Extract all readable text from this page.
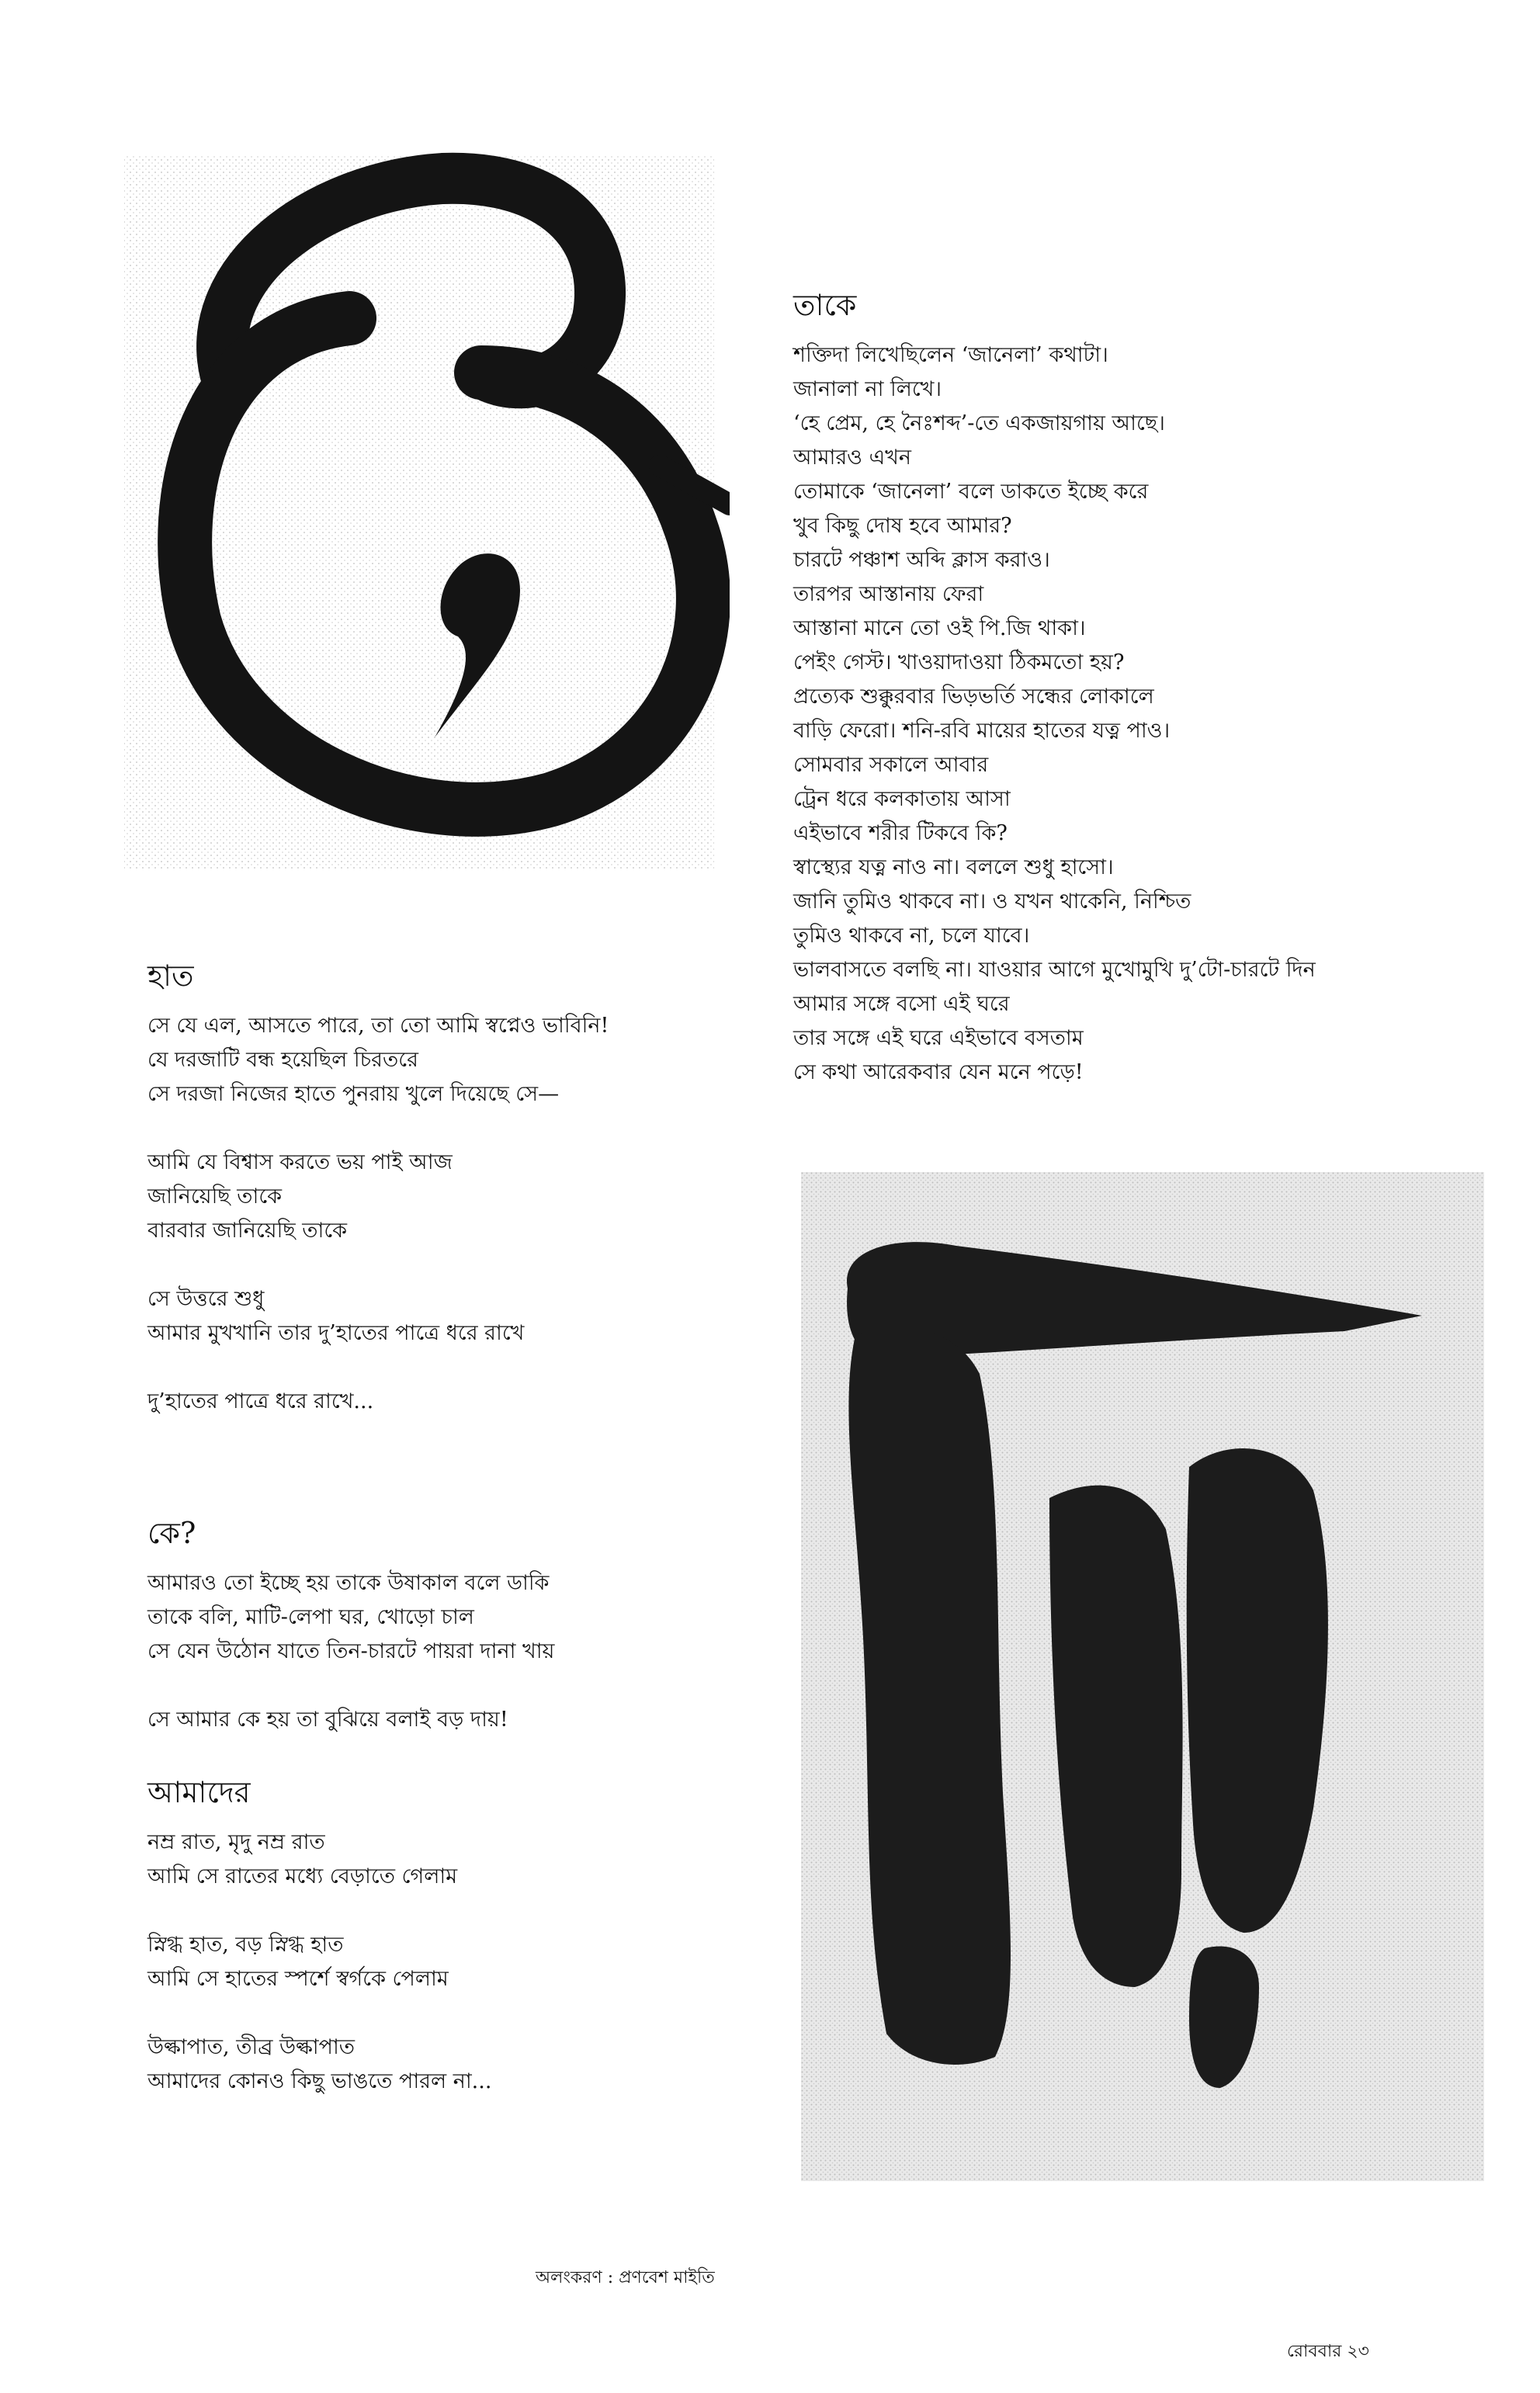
তাকে
শক্তিদা লিখেছিলেন ‘জানেলা’ কথাটা।
জানালা না লিখে।
‘হে প্রেম, হে নৈঃশব্দ’-তে একজায়গায় আছে।
আমারও এখন
তোমাকে ‘জানেলা’ বলে ডাকতে ইচ্ছে করে
খুব কিছু দোষ হবে আমার?
চারটে পঞ্চাশ অব্দি ক্লাস করাও।
তারপর আস্তানায় ফেরা
আস্তানা মানে তো ওই পি.জি থাকা।
পেইং গেস্ট। খাওয়াদাওয়া ঠিকমতো হয়?
প্রত্যেক শুক্কুরবার ভিড়ভর্তি সন্ধের লোকালে
বাড়ি ফেরো। শনি-রবি মায়ের হাতের যত্ন পাও।
সোমবার সকালে আবার
ট্রেন ধরে কলকাতায় আসা
এইভাবে শরীর টিকবে কি?
স্বাস্থ্যের যত্ন নাও না। বললে শুধু হাসো।
জানি তুমিও থাকবে না। ও যখন থাকেনি, নিশ্চিত
তুমিও থাকবে না, চলে যাবে।
ভালবাসতে বলছি না। যাওয়ার আগে মুখোমুখি দু’টো-চারটে দিন
আমার সঙ্গে বসো এই ঘরে
তার সঙ্গে এই ঘরে এইভাবে বসতাম
সে কথা আরেকবার যেন মনে পড়ে!
হাত
সে যে এল, আসতে পারে, তা তো আমি স্বপ্নেও ভাবিনি!
যে দরজাটি বন্ধ হয়েছিল চিরতরে
সে দরজা নিজের হাতে পুনরায় খুলে দিয়েছে সে—
আমি যে বিশ্বাস করতে ভয় পাই আজ
জানিয়েছি তাকে
বারবার জানিয়েছি তাকে
সে উত্তরে শুধু
আমার মুখখানি তার দু’হাতের পাত্রে ধরে রাখে
দু’হাতের পাত্রে ধরে রাখে...
কে?
আমারও তো ইচ্ছে হয় তাকে উষাকাল বলে ডাকি
তাকে বলি, মাটি-লেপা ঘর, খোড়ো চাল
সে যেন উঠোন যাতে তিন-চারটে পায়রা দানা খায়
সে আমার কে হয় তা বুঝিয়ে বলাই বড় দায়!
আমাদের
নম্র রাত, মৃদু নম্র রাত
আমি সে রাতের মধ্যে বেড়াতে গেলাম
স্নিগ্ধ হাত, বড় স্নিগ্ধ হাত
আমি সে হাতের স্পর্শে স্বর্গকে পেলাম
উল্কাপাত, তীব্র উল্কাপাত
আমাদের কোনও কিছু ভাঙতে পারল না...
অলংকরণ : প্রণবেশ মাইতি
রোববার ২৩
